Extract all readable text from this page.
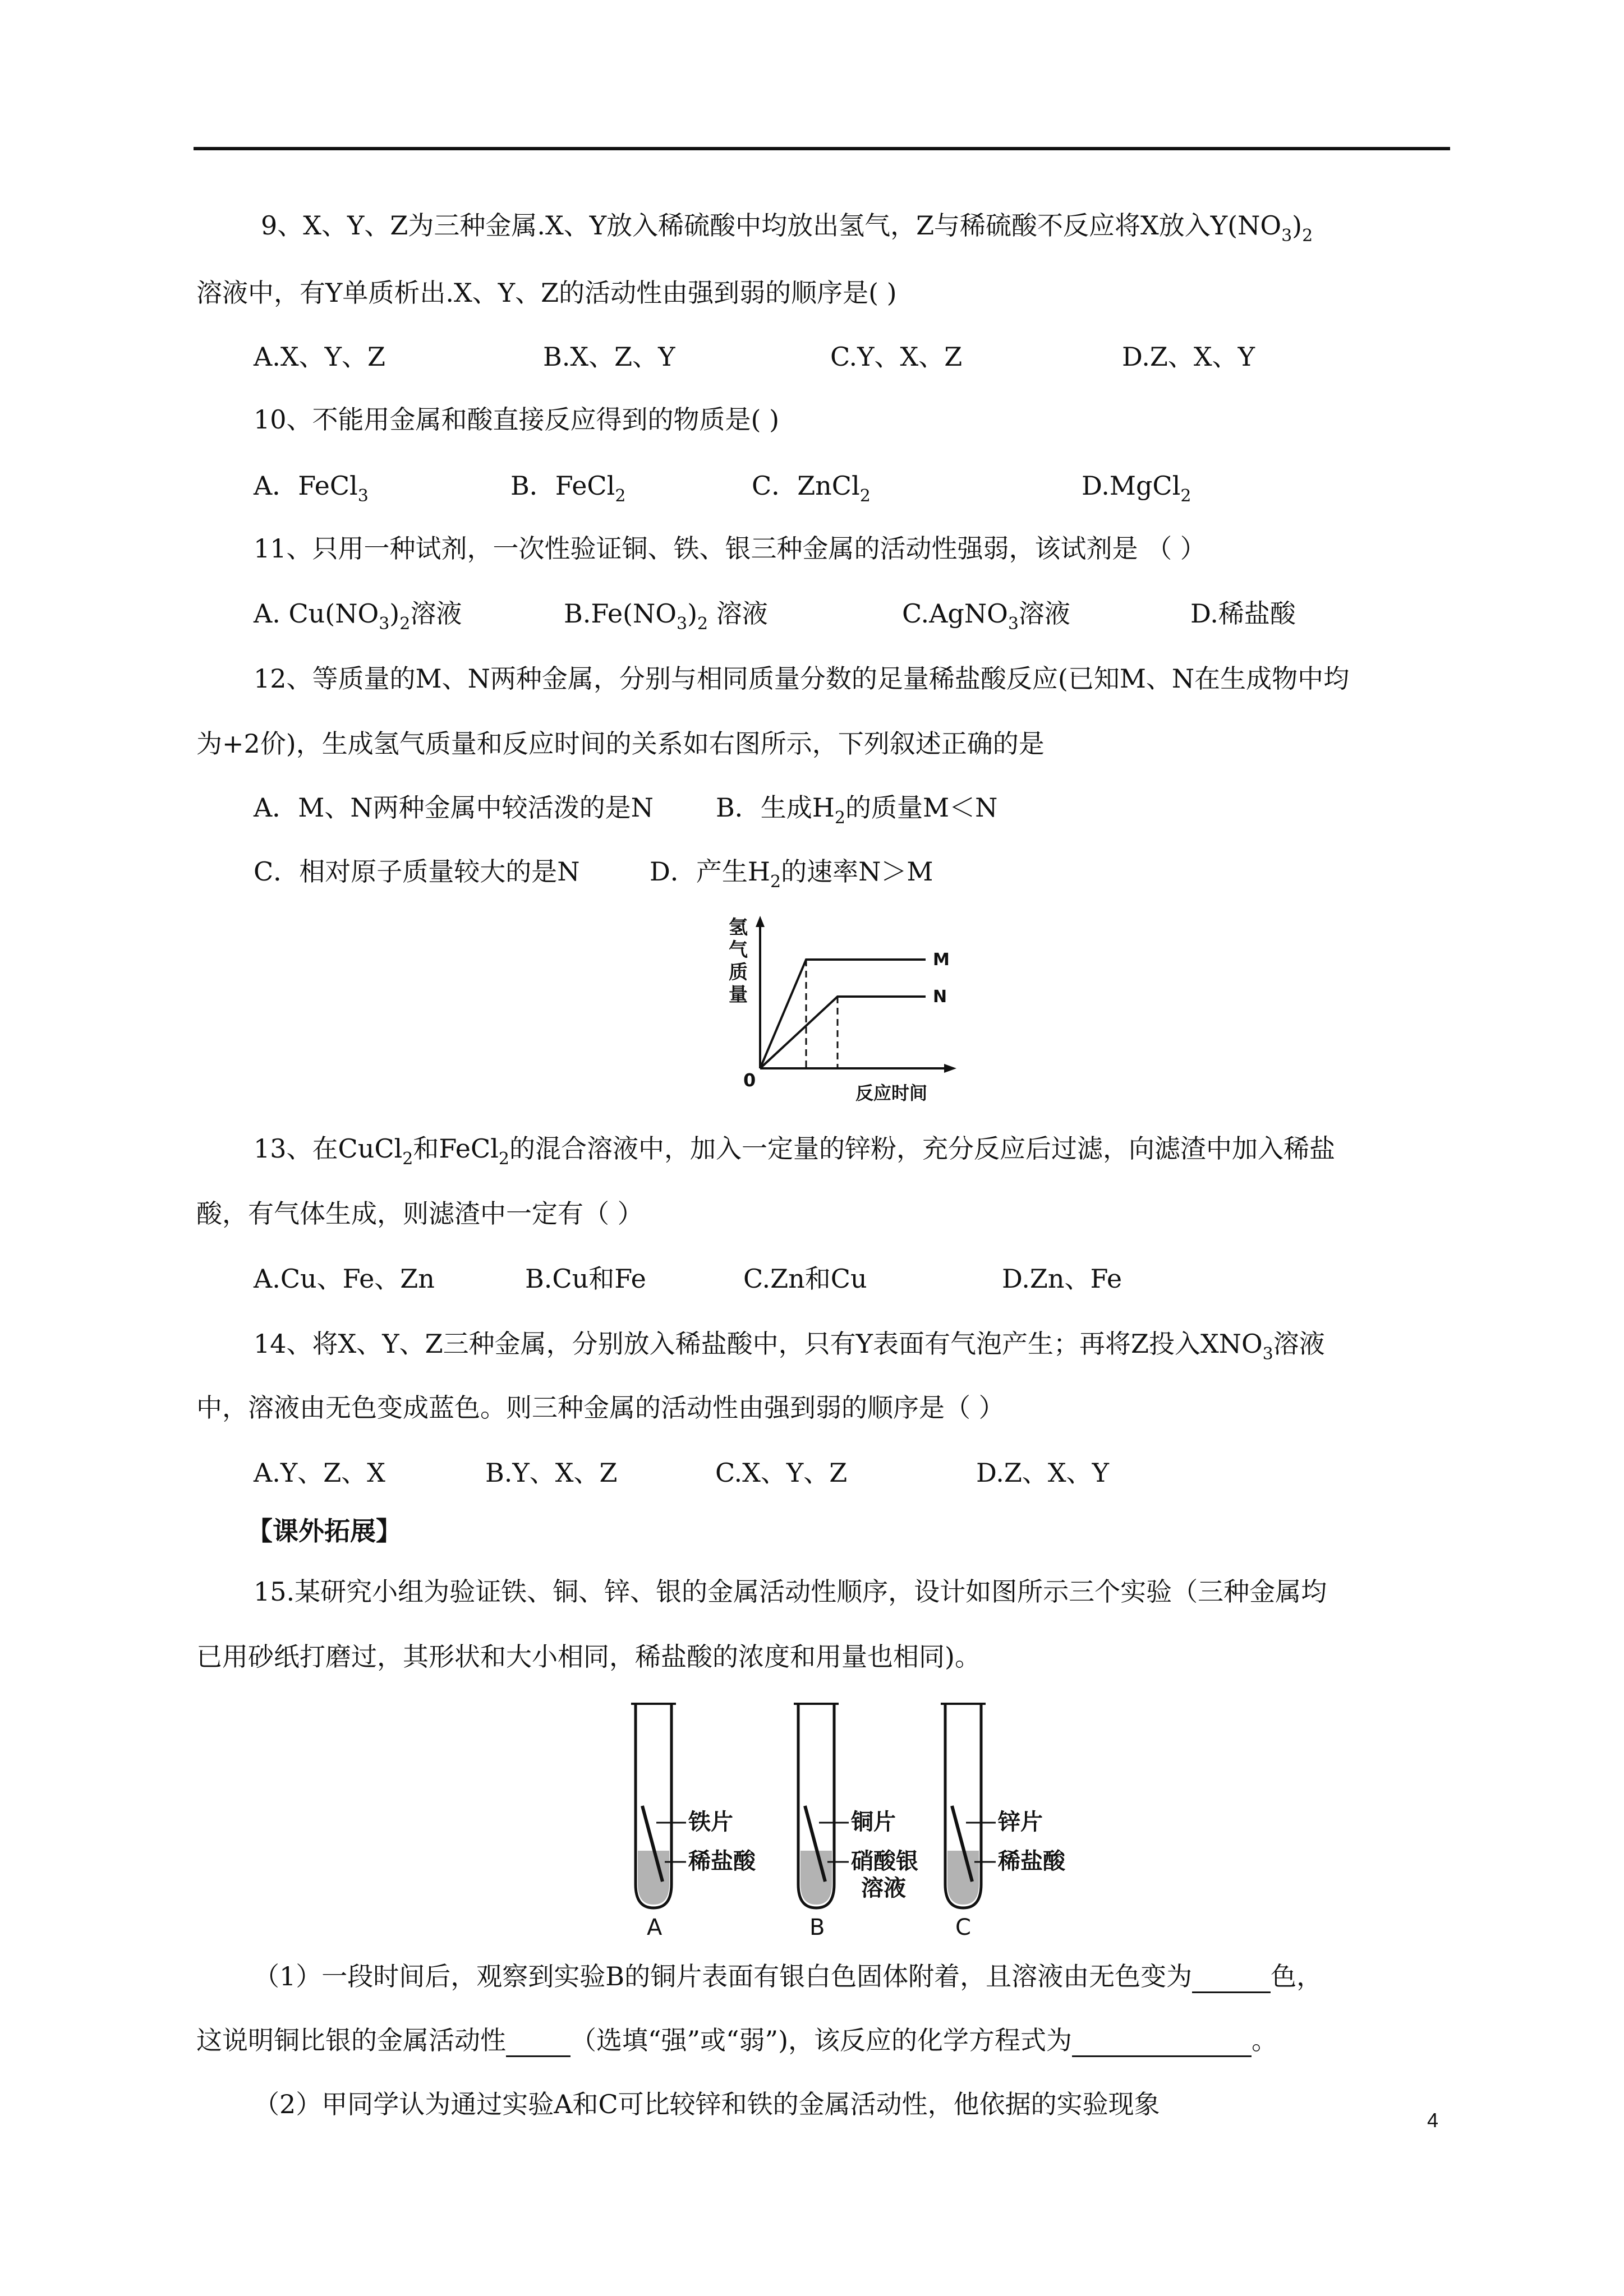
9、X、Y、Z为三种金属.X、Y放入稀硫酸中均放出氢气，Z与稀硫酸不反应将X放入$Y(NO_3)_2$
溶液中，有Y单质析出.X、Y、Z的活动性由强到弱的顺序是( )
A.X、Y、Z	B.X、Z、Y	C.Y、X、Z	D.Z、X、Y
10、不能用金属和酸直接反应得到的物质是( )
A．FeCl$_3$	B．FeCl$_2$	C．ZnCl$_2$	D.MgCl$_2$
11、只用一种试剂，一次性验证铜、铁、银三种金属的活动性强弱，该试剂是 （ ）
A. $Cu(NO_3)_2$溶液	$B.Fe(NO_3)_2$ 溶液	C.AgNO$_3$溶液	D.稀盐酸
12、等质量的M、N两种金属，分别与相同质量分数的足量稀盐酸反应(已知M、N在生成物中均
为+2价)，生成氢气质量和反应时间的关系如右图所示，下列叙述正确的是
A．M、N两种金属中较活泼的是N B．生成$H_2$的质量M＜N
C．相对原子质量较大的是N	D．产生$H_2$的速率N＞M
氢
气
质
量
M
N
0
反应时间
13、在CuCl$_2$和FeCl$_2$的混合溶液中，加入一定量的锌粉，充分反应后过滤，向滤渣中加入稀盐
酸，有气体生成，则滤渣中一定有（ ）
A.Cu、Fe、Zn	B.Cu和Fe	C.Zn和Cu	D.Zn、Fe
14、将X、Y、Z三种金属，分别放入稀盐酸中，只有Y表面有气泡产生；再将Z投入$XNO_3$溶液
中，溶液由无色变成蓝色。则三种金属的活动性由强到弱的顺序是（ ）
A.Y、Z、X	B.Y、X、Z	C.X、Y、Z	D.Z、X、Y
【课外拓展】
15.某研究小组为验证铁、铜、锌、银的金属活动性顺序，设计如图所示三个实验（三种金属均
已用砂纸打磨过，其形状和大小相同，稀盐酸的浓度和用量也相同)。
铁片
稀盐酸
A
铜片
硝酸银
溶液
B
锌片
稀盐酸
C
（1）一段时间后，观察到实验B的铜片表面有银白色固体附着，且溶液由无色变为	色，
这说明铜比银的金属活动性	（选填“强”或“弱”)，该反应的化学方程式为	。
（2）甲同学认为通过实验A和C可比较锌和铁的金属活动性，他依据的实验现象
4
